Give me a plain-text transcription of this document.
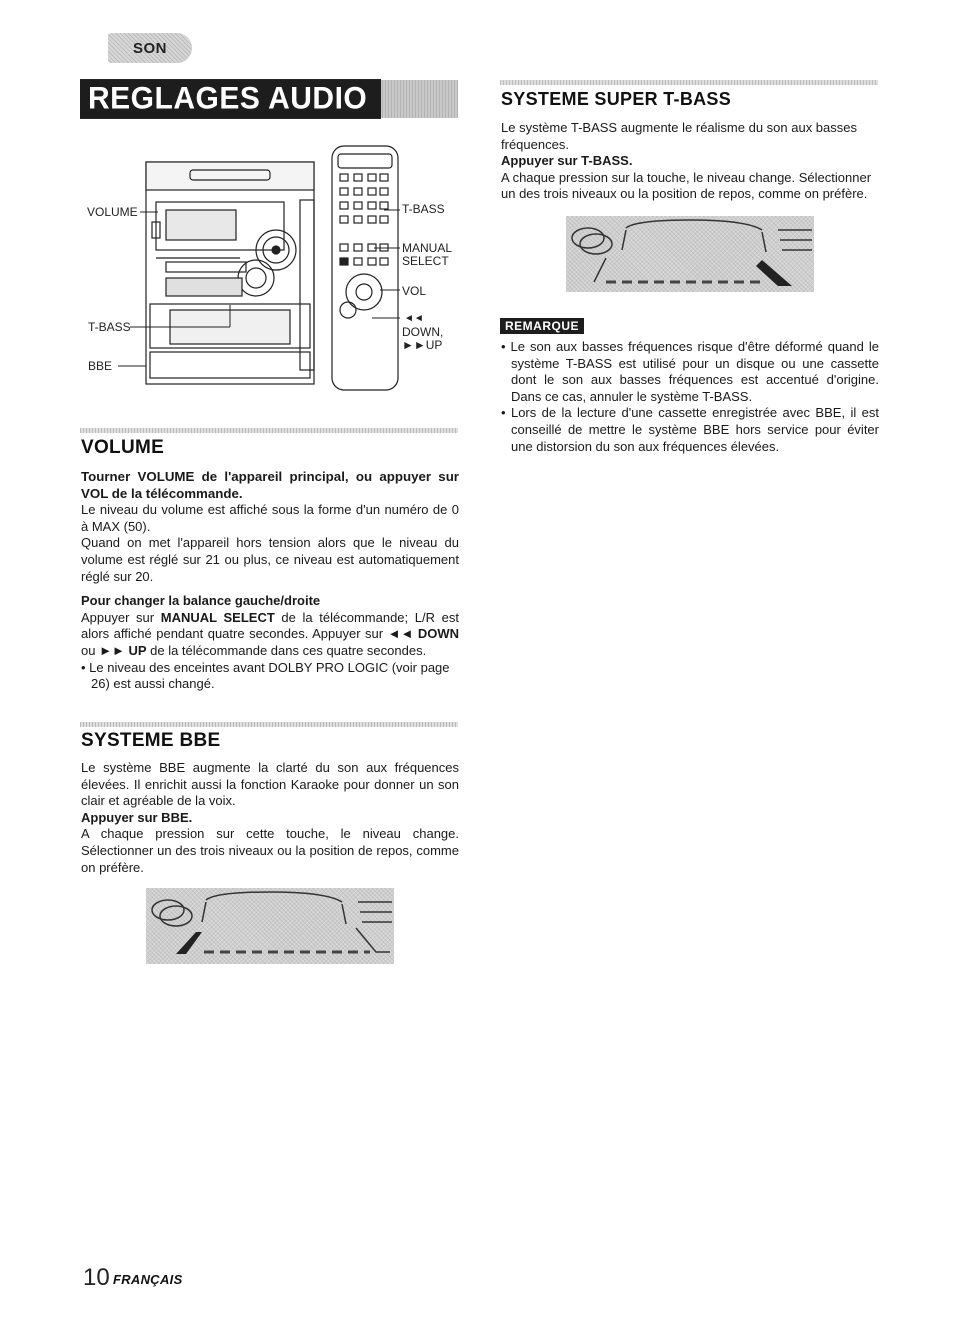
SON
REGLAGES AUDIO
VOLUME
T-BASS
BBE
T-BASS
MANUAL
SELECT
VOL
◄◄
DOWN,
►►UP
VOLUME

Tourner VOLUME de l'appareil principal, ou appuyer sur VOL de la télécommande.

Le niveau du volume est affiché sous la forme d'un numéro de 0 à MAX (50).

Quand on met l'appareil hors tension alors que le niveau du volume est réglé sur 21 ou plus, ce niveau est automatiquement réglé sur 20.

Pour changer la balance gauche/droite

Appuyer sur MANUAL SELECT de la télécommande; L/R est alors affiché pendant quatre secondes. Appuyer sur ◄◄ DOWN ou ►► UP de la télécommande dans ces quatre secondes.

• Le niveau des enceintes avant DOLBY PRO LOGIC (voir page 26) est aussi changé.

SYSTEME BBE

Le système BBE augmente la clarté du son aux fréquences élevées. Il enrichit aussi la fonction Karaoke pour donner un son clair et agréable de la voix.

Appuyer sur BBE.

A chaque pression sur cette touche, le niveau change. Sélectionner un des trois niveaux ou la position de repos, comme on préfère.

SYSTEME SUPER T-BASS

Le système T-BASS augmente le réalisme du son aux basses fréquences.

Appuyer sur T-BASS.

A chaque pression sur la touche, le niveau change. Sélectionner un des trois niveaux ou la position de repos, comme on préfère.

REMARQUE

• Le son aux basses fréquences risque d'être déformé quand le système T-BASS est utilisé pour un disque ou une cassette dont le son aux basses fréquences est accentué d'origine. Dans ce cas, annuler le système T-BASS.

• Lors de la lecture d'une cassette enregistrée avec BBE, il est conseillé de mettre le système BBE hors service pour éviter une distorsion du son aux fréquences élevées.

10 FRANÇAIS
